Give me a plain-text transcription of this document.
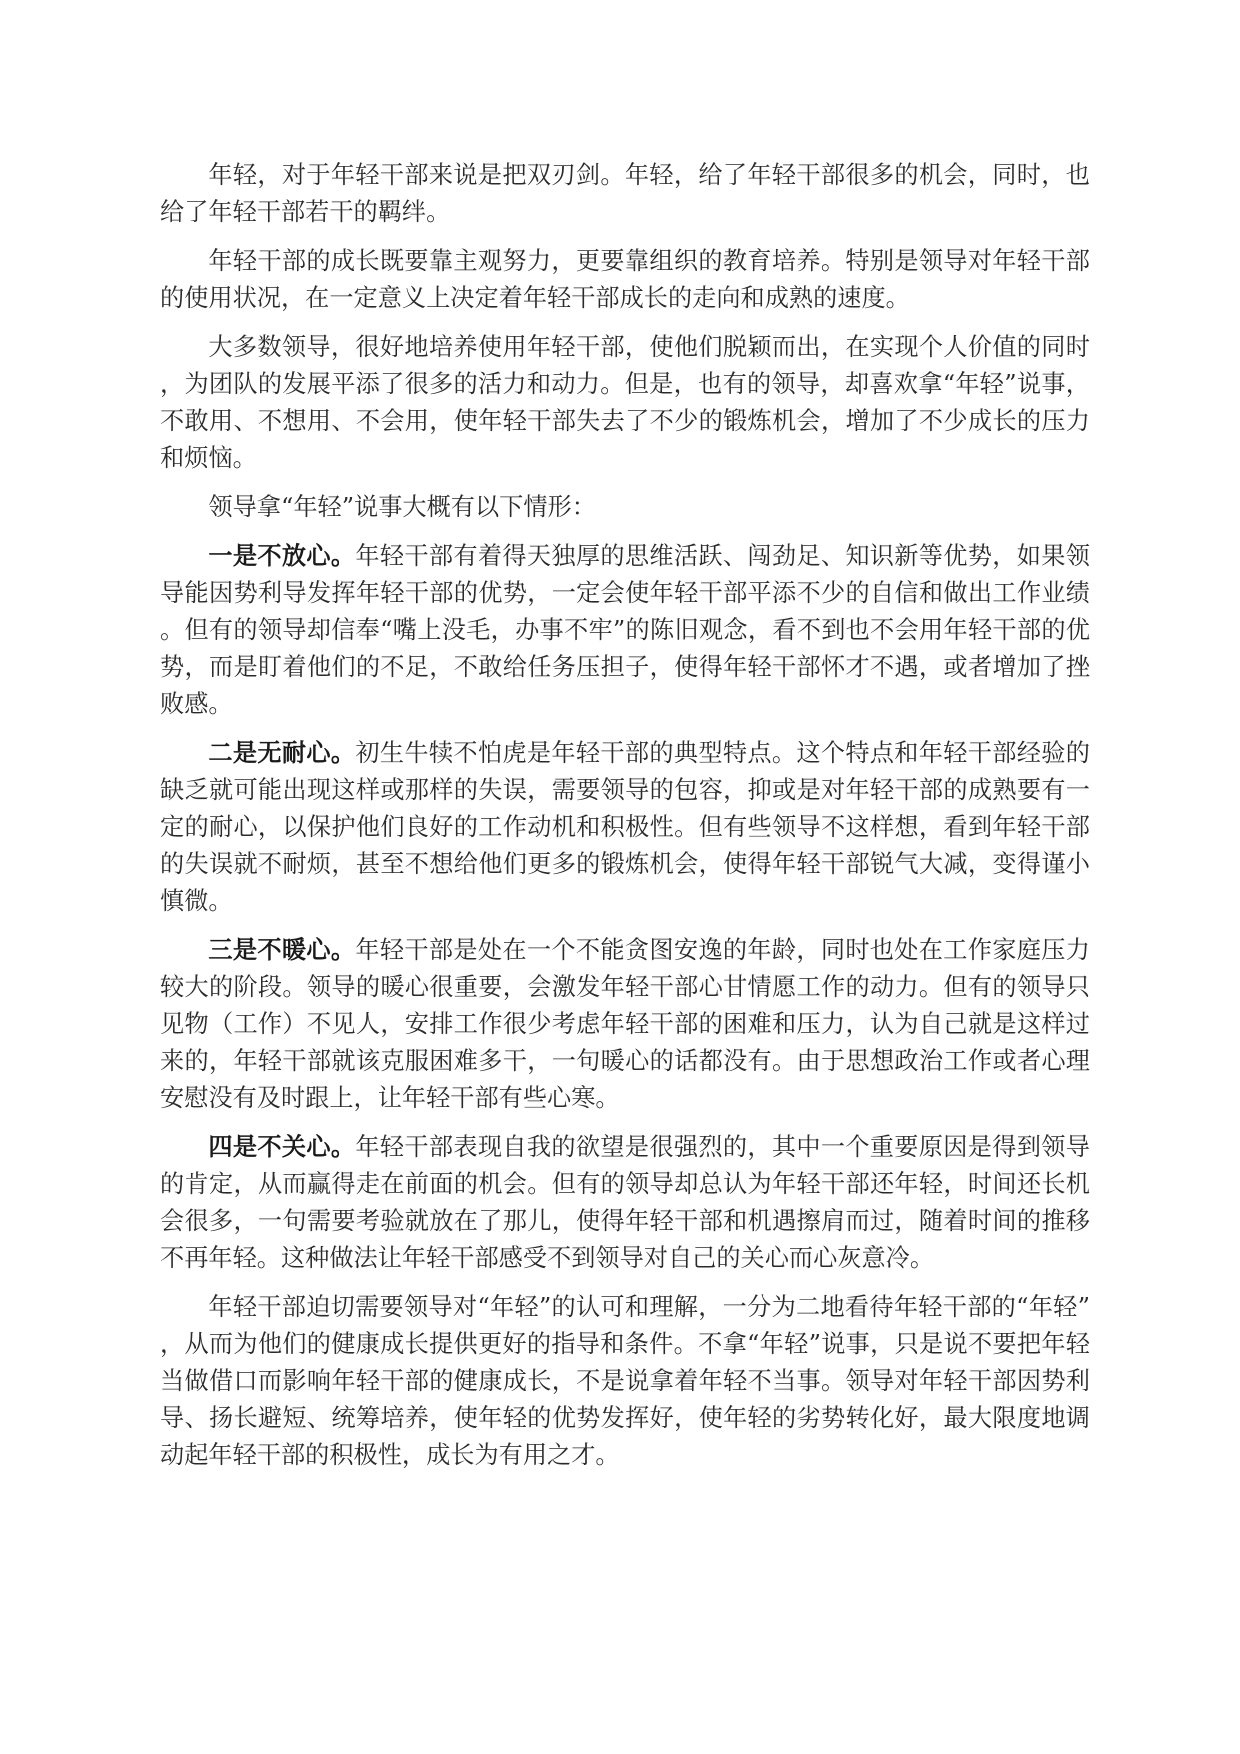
年轻，对于年轻干部来说是把双刃剑。年轻，给了年轻干部很多的机会，同时，也给了年轻干部若干的羁绊。

年轻干部的成长既要靠主观努力，更要靠组织的教育培养。特别是领导对年轻干部的使用状况，在一定意义上决定着年轻干部成长的走向和成熟的速度。

大多数领导，很好地培养使用年轻干部，使他们脱颖而出，在实现个人价值的同时，为团队的发展平添了很多的活力和动力。但是，也有的领导，却喜欢拿“年轻”说事，不敢用、不想用、不会用，使年轻干部失去了不少的锻炼机会，增加了不少成长的压力和烦恼。

领导拿“年轻”说事大概有以下情形：

一是不放心。年轻干部有着得天独厚的思维活跃、闯劲足、知识新等优势，如果领导能因势利导发挥年轻干部的优势，一定会使年轻干部平添不少的自信和做出工作业绩。但有的领导却信奉“嘴上没毛，办事不牢”的陈旧观念，看不到也不会用年轻干部的优势，而是盯着他们的不足，不敢给任务压担子，使得年轻干部怀才不遇，或者增加了挫败感。

二是无耐心。初生牛犊不怕虎是年轻干部的典型特点。这个特点和年轻干部经验的缺乏就可能出现这样或那样的失误，需要领导的包容，抑或是对年轻干部的成熟要有一定的耐心，以保护他们良好的工作动机和积极性。但有些领导不这样想，看到年轻干部的失误就不耐烦，甚至不想给他们更多的锻炼机会，使得年轻干部锐气大减，变得谨小慎微。

三是不暖心。年轻干部是处在一个不能贪图安逸的年龄，同时也处在工作家庭压力较大的阶段。领导的暖心很重要，会激发年轻干部心甘情愿工作的动力。但有的领导只见物（工作）不见人，安排工作很少考虑年轻干部的困难和压力，认为自己就是这样过来的，年轻干部就该克服困难多干，一句暖心的话都没有。由于思想政治工作或者心理安慰没有及时跟上，让年轻干部有些心寒。

四是不关心。年轻干部表现自我的欲望是很强烈的，其中一个重要原因是得到领导的肯定，从而赢得走在前面的机会。但有的领导却总认为年轻干部还年轻，时间还长机会很多，一句需要考验就放在了那儿，使得年轻干部和机遇擦肩而过，随着时间的推移不再年轻。这种做法让年轻干部感受不到领导对自己的关心而心灰意冷。

年轻干部迫切需要领导对“年轻”的认可和理解，一分为二地看待年轻干部的“年轻”，从而为他们的健康成长提供更好的指导和条件。不拿“年轻”说事，只是说不要把年轻当做借口而影响年轻干部的健康成长，不是说拿着年轻不当事。领导对年轻干部因势利导、扬长避短、统筹培养，使年轻的优势发挥好，使年轻的劣势转化好，最大限度地调动起年轻干部的积极性，成长为有用之才。
